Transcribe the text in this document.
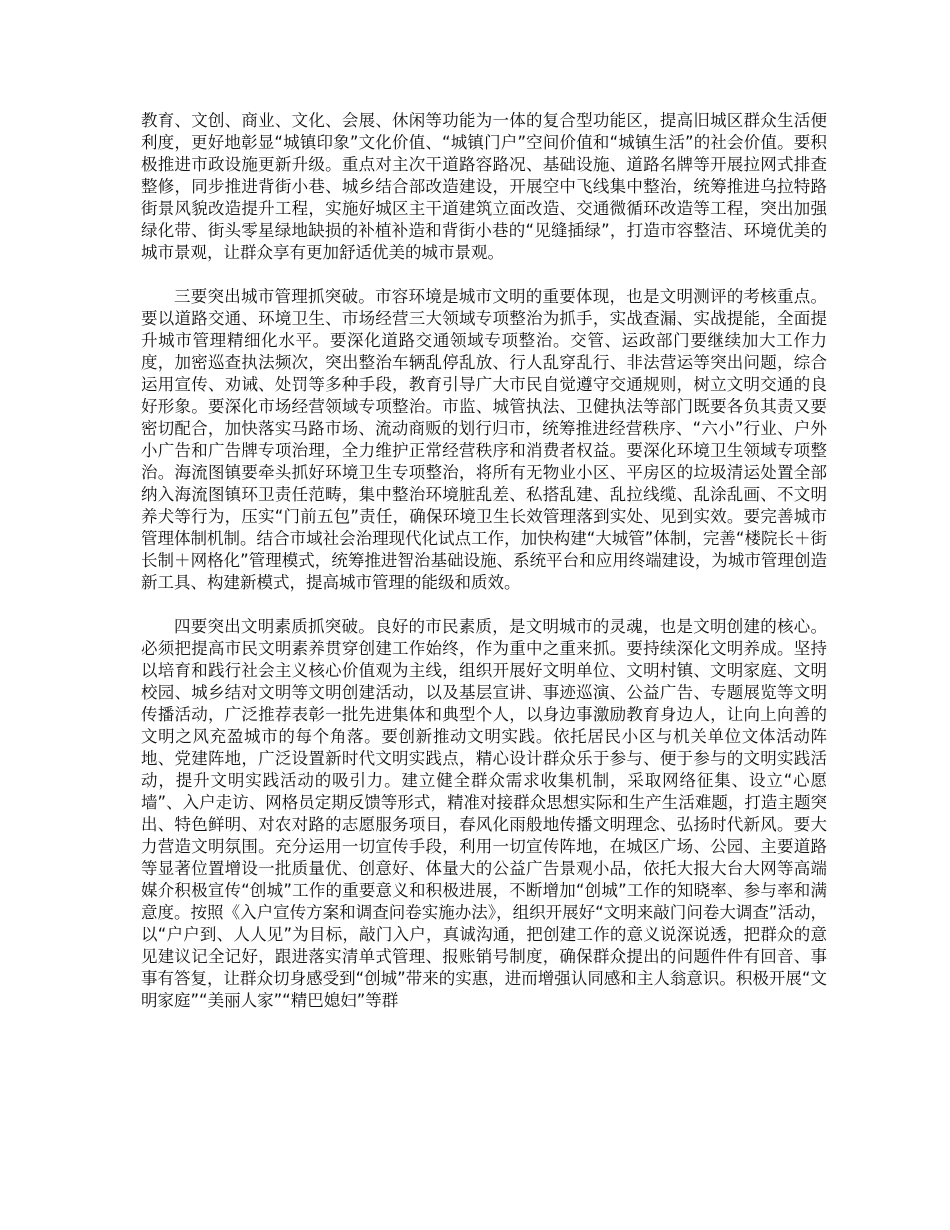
教育、文创、商业、文化、会展、休闲等功能为一体的复合型功能区，提高旧城区群众生活便利度，更好地彰显“城镇印象”文化价值、“城镇门户”空间价值和“城镇生活”的社会价值。要积极推进市政设施更新升级。重点对主次干道路容路况、基础设施、道路名牌等开展拉网式排查整修，同步推进背街小巷、城乡结合部改造建设，开展空中飞线集中整治，统筹推进乌拉特路街景风貌改造提升工程，实施好城区主干道建筑立面改造、交通微循环改造等工程，突出加强绿化带、街头零星绿地缺损的补植补造和背街小巷的“见缝插绿”，打造市容整洁、环境优美的城市景观，让群众享有更加舒适优美的城市景观。

三要突出城市管理抓突破。市容环境是城市文明的重要体现，也是文明测评的考核重点。要以道路交通、环境卫生、市场经营三大领域专项整治为抓手，实战查漏、实战提能，全面提升城市管理精细化水平。要深化道路交通领域专项整治。交管、运政部门要继续加大工作力度，加密巡查执法频次，突出整治车辆乱停乱放、行人乱穿乱行、非法营运等突出问题，综合运用宣传、劝诫、处罚等多种手段，教育引导广大市民自觉遵守交通规则，树立文明交通的良好形象。要深化市场经营领域专项整治。市监、城管执法、卫健执法等部门既要各负其责又要密切配合，加快落实马路市场、流动商贩的划行归市，统筹推进经营秩序、“六小”行业、户外小广告和广告牌专项治理，全力维护正常经营秩序和消费者权益。要深化环境卫生领域专项整治。海流图镇要牵头抓好环境卫生专项整治，将所有无物业小区、平房区的垃圾清运处置全部纳入海流图镇环卫责任范畴，集中整治环境脏乱差、私搭乱建、乱拉线缆、乱涂乱画、不文明养犬等行为，压实“门前五包”责任，确保环境卫生长效管理落到实处、见到实效。要完善城市管理体制机制。结合市域社会治理现代化试点工作，加快构建“大城管”体制，完善“楼院长＋街长制＋网格化”管理模式，统筹推进智治基础设施、系统平台和应用终端建设，为城市管理创造新工具、构建新模式，提高城市管理的能级和质效。

四要突出文明素质抓突破。良好的市民素质，是文明城市的灵魂，也是文明创建的核心。必须把提高市民文明素养贯穿创建工作始终，作为重中之重来抓。要持续深化文明养成。坚持以培育和践行社会主义核心价值观为主线，组织开展好文明单位、文明村镇、文明家庭、文明校园、城乡结对文明等文明创建活动，以及基层宣讲、事迹巡演、公益广告、专题展览等文明传播活动，广泛推荐表彰一批先进集体和典型个人，以身边事激励教育身边人，让向上向善的文明之风充盈城市的每个角落。要创新推动文明实践。依托居民小区与机关单位文体活动阵地、党建阵地，广泛设置新时代文明实践点，精心设计群众乐于参与、便于参与的文明实践活动，提升文明实践活动的吸引力。建立健全群众需求收集机制，采取网络征集、设立“心愿墙”、入户走访、网格员定期反馈等形式，精准对接群众思想实际和生产生活难题，打造主题突出、特色鲜明、对农对路的志愿服务项目，春风化雨般地传播文明理念、弘扬时代新风。要大力营造文明氛围。充分运用一切宣传手段，利用一切宣传阵地，在城区广场、公园、主要道路等显著位置增设一批质量优、创意好、体量大的公益广告景观小品，依托大报大台大网等高端媒介积极宣传“创城”工作的重要意义和积极进展，不断增加“创城”工作的知晓率、参与率和满意度。按照《入户宣传方案和调查问卷实施办法》，组织开展好“文明来敲门问卷大调查”活动，以“户户到、人人见”为目标，敲门入户，真诚沟通，把创建工作的意义说深说透，把群众的意见建议记全记好，跟进落实清单式管理、报账销号制度，确保群众提出的问题件件有回音、事事有答复，让群众切身感受到“创城”带来的实惠，进而增强认同感和主人翁意识。积极开展“文明家庭”“美丽人家”“精巴媳妇”等群
